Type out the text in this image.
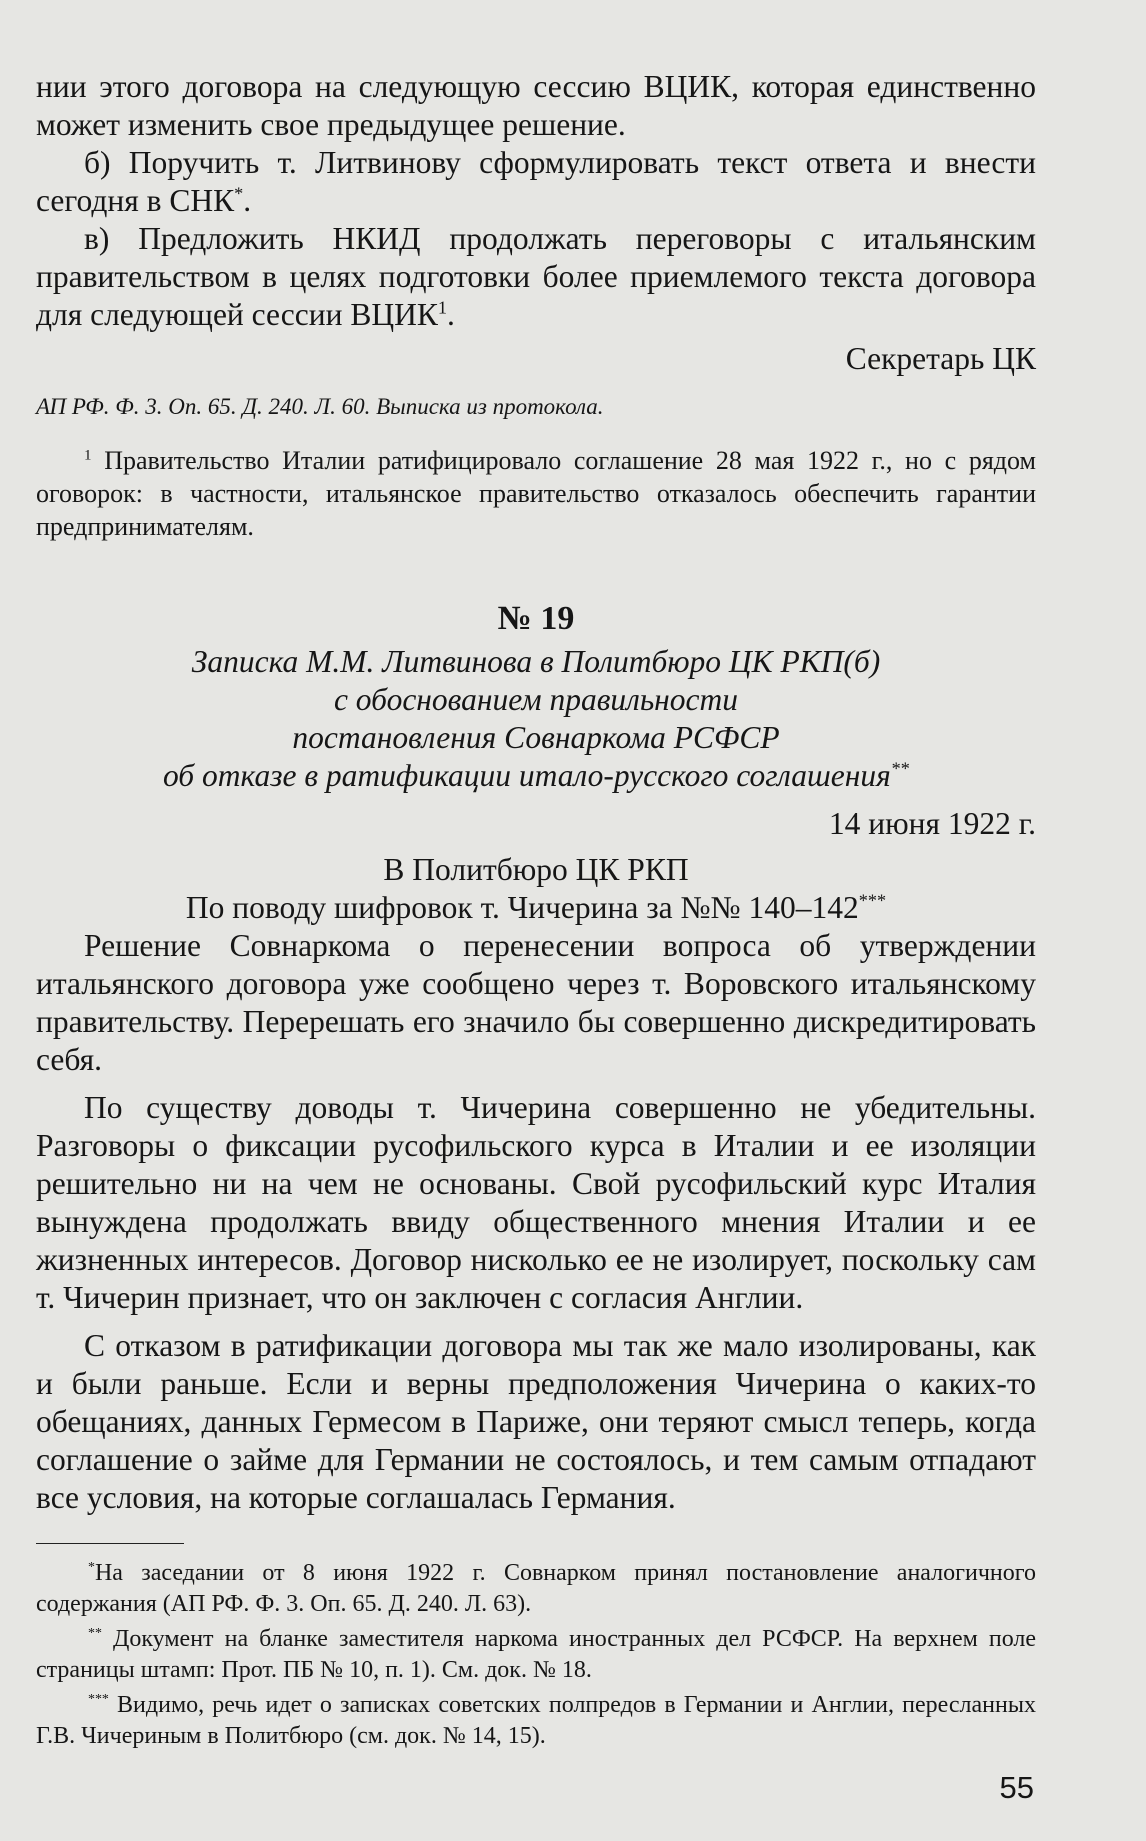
нии этого договора на следующую сессию ВЦИК, которая единственно может изменить свое предыдущее решение.

б) Поручить т. Литвинову сформулировать текст ответа и внести сегодня в СНК*.

в) Предложить НКИД продолжать переговоры с итальянским правительством в целях подготовки более приемлемого текста договора для следующей сессии ВЦИК$^1$.

Секретарь ЦК

АП РФ. Ф. 3. Оп. 65. Д. 240. Л. 60. Выписка из протокола.

$^1$ Правительство Италии ратифицировало соглашение 28 мая 1922 г., но с рядом оговорок: в частности, итальянское правительство отказалось обеспечить гарантии предпринимателям.

№ 19

Записка М.М. Литвинова в Политбюро ЦК РКП(б)

с обоснованием правильности

постановления Совнаркома РСФСР

об отказе в ратификации итало-русского соглашения**

14 июня 1922 г.

В Политбюро ЦК РКП

По поводу шифровок т. Чичерина за №№ 140–142***

Решение Совнаркома о перенесении вопроса об утверждении итальянского договора уже сообщено через т. Воровского итальянскому правительству. Перерешать его значило бы совершенно дискредитировать себя.

По существу доводы т. Чичерина совершенно не убедительны. Разговоры о фиксации русофильского курса в Италии и ее изоляции решительно ни на чем не основаны. Свой русофильский курс Италия вынуждена продолжать ввиду общественного мнения Италии и ее жизненных интересов. Договор нисколько ее не изолирует, поскольку сам т. Чичерин признает, что он заключен с согласия Англии.

С отказом в ратификации договора мы так же мало изолированы, как и были раньше. Если и верны предположения Чичерина о каких-то обещаниях, данных Гермесом в Париже, они теряют смысл теперь, когда соглашение о займе для Германии не состоялось, и тем самым отпадают все условия, на которые соглашалась Германия.

*На заседании от 8 июня 1922 г. Совнарком принял постановление аналогичного содержания (АП РФ. Ф. 3. Оп. 65. Д. 240. Л. 63).

** Документ на бланке заместителя наркома иностранных дел РСФСР. На верхнем поле страницы штамп: Прот. ПБ № 10, п. 1). См. док. № 18.

*** Видимо, речь идет о записках советских полпредов в Германии и Англии, пересланных Г.В. Чичериным в Политбюро (см. док. № 14, 15).

55
